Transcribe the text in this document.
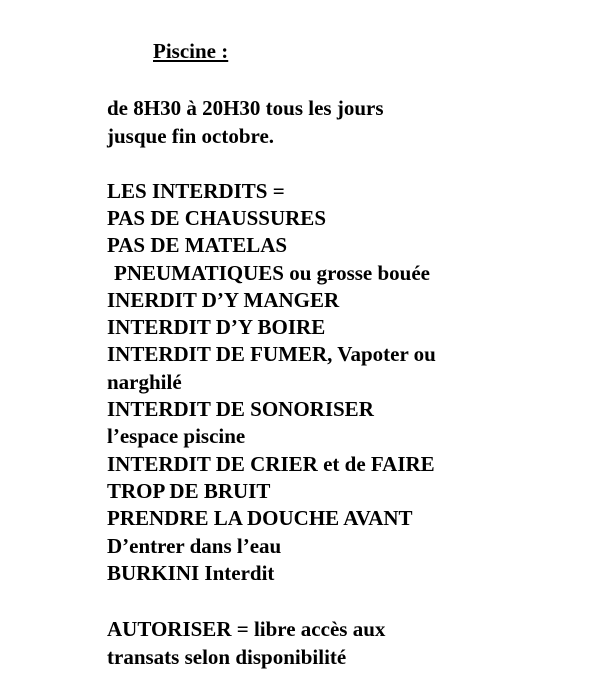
Piscine :
de 8H30 à 20H30 tous les jours
jusque fin octobre.
LES INTERDITS =
PAS DE CHAUSSURES
PAS DE MATELAS
PNEUMATIQUES ou grosse bouée
INERDIT D’Y MANGER
INTERDIT D’Y BOIRE
INTERDIT DE FUMER, Vapoter ou
narghilé
INTERDIT DE SONORISER
l’espace piscine
INTERDIT DE CRIER et de FAIRE
TROP DE BRUIT
PRENDRE LA DOUCHE AVANT
D’entrer dans l’eau
BURKINI Interdit
AUTORISER = libre accès aux
transats selon disponibilité
